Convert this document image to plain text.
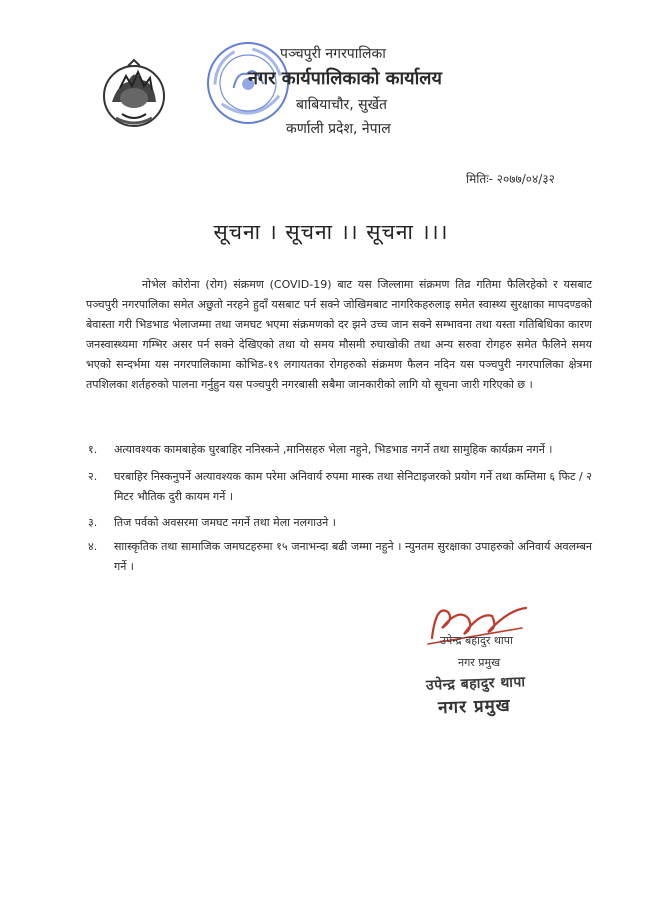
पञ्चपुरी नगरपालिका
नगर कार्यपालिकाको कार्यालय
बाबियाचौर, सुर्खेत
कर्णाली प्रदेश, नेपाल
मितिः- २०७७/०४/३२
सूचना । सूचना ।। सूचना ।।।
नोभेल कोरोना (रोग) संक्रमण (COVID-19) बाट यस जिल्लामा संक्रमण तिव्र गतिमा फैलिरहेको र यसबाट पञ्चपुरी नगरपालिका समेत अछुतो नरहने हुदाँ यसबाट पर्न सक्ने जोखिमबाट नागरिकहरुलाइ समेत स्वास्थ्य सुरक्षाका मापदण्डको बेवास्ता गरी भिडभाड भेलाजम्मा तथा जमघट भएमा संक्रमणको दर झने उच्च जान सक्ने सम्भावना तथा यस्ता गतिबिधिका कारण जनस्वास्थ्यमा गम्भिर असर पर्न सक्ने देखिएको तथा यो समय मौसमी रुघाखोकी तथा अन्य सरुवा रोगहरु समेत फैलिने समय भएको सन्दर्भमा यस नगरपालिकामा कोभिड-१९ लगायतका रोगहरुको संक्रमण फैलन नदिन यस पञ्चपुरी नगरपालिका क्षेत्रमा तपशिलका शर्तहरुको पालना गर्नुहुन यस पञ्चपुरी नगरबासी सबैमा जानकारीको लागि यो सूचना जारी गरिएको छ ।
१. अत्यावश्यक कामबाहेक घुरबाहिर ननिस्कने ,मानिसहरु भेला नहुने, भिडभाड नगर्ने तथा सामुहिक कार्यक्रम नगर्ने ।
२. घरबाहिर निस्कनुपर्ने अत्यावश्यक काम परेमा अनिवार्य रुपमा मास्क तथा सेनिटाइजरको प्रयोग गर्ने तथा कम्तिमा ६ फिट / २ मिटर भौतिक दुरी कायम गर्ने ।
३. तिज पर्वको अवसरमा जमघट नगर्ने तथा मेला नलगाउने ।
४. साास्कृतिक तथा सामाजिक जमघटहरुमा १५ जनाभन्दा बढी जम्मा नहुने । न्युनतम सुरक्षाका उपाहरुको अनिवार्य अवलम्बन गर्ने ।
उपेन्द्र बहादुर थापा
नगर प्रमुख
उपेन्द्र बहादुर थापा
नगर प्रमुख
